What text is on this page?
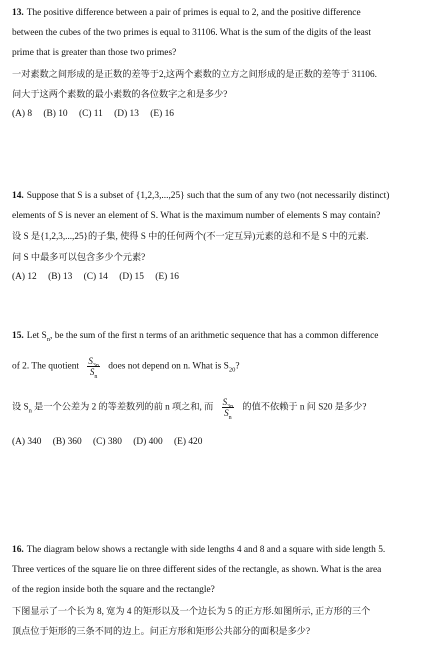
13. The positive difference between a pair of primes is equal to 2, and the positive difference
between the cubes of the two primes is equal to 31106. What is the sum of the digits of the least
prime that is greater than those two primes?
一对素数之间形成的是正数的差等于2,这两个素数的立方之间形成的是正数的差等于 31106.
问大于这两个素数的最小素数的各位数字之和是多少?
(A) 8 (B) 10 (C) 11 (D) 13 (E) 16
14. Suppose that S is a subset of {1,2,3,...,25} such that the sum of any two (not necessarily distinct)
elements of S is never an element of S. What is the maximum number of elements S may contain?
设 S 是{1,2,3,...,25}的子集, 使得 S 中的任何两个(不一定互异)元素的总和不是 S 中的元素.
问 S 中最多可以包含多少个元素?
(A) 12 (B) 13 (C) 14 (D) 15 (E) 16
15. Let $S_n$, be the sum of the first n terms of an arithmetic sequence that has a common difference
of 2. The quotient $\frac{S_{3n}}{S_n}$ does not depend on n. What is $S_{20}$?
设 $S_n$ 是一个公差为 2 的等差数列的前 n 项之和, 而 $\frac{S_{3n}}{S_n}$ 的值不依赖于 n 问 S20 是多少?
(A) 340 (B) 360 (C) 380 (D) 400 (E) 420
16. The diagram below shows a rectangle with side lengths 4 and 8 and a square with side length 5.
Three vertices of the square lie on three different sides of the rectangle, as shown. What is the area
of the region inside both the square and the rectangle?
下图显示了一个长为 8, 宽为 4 的矩形以及一个边长为 5 的正方形.如图所示, 正方形的三个
顶点位于矩形的三条不同的边上。问正方形和矩形公共部分的面积是多少?
